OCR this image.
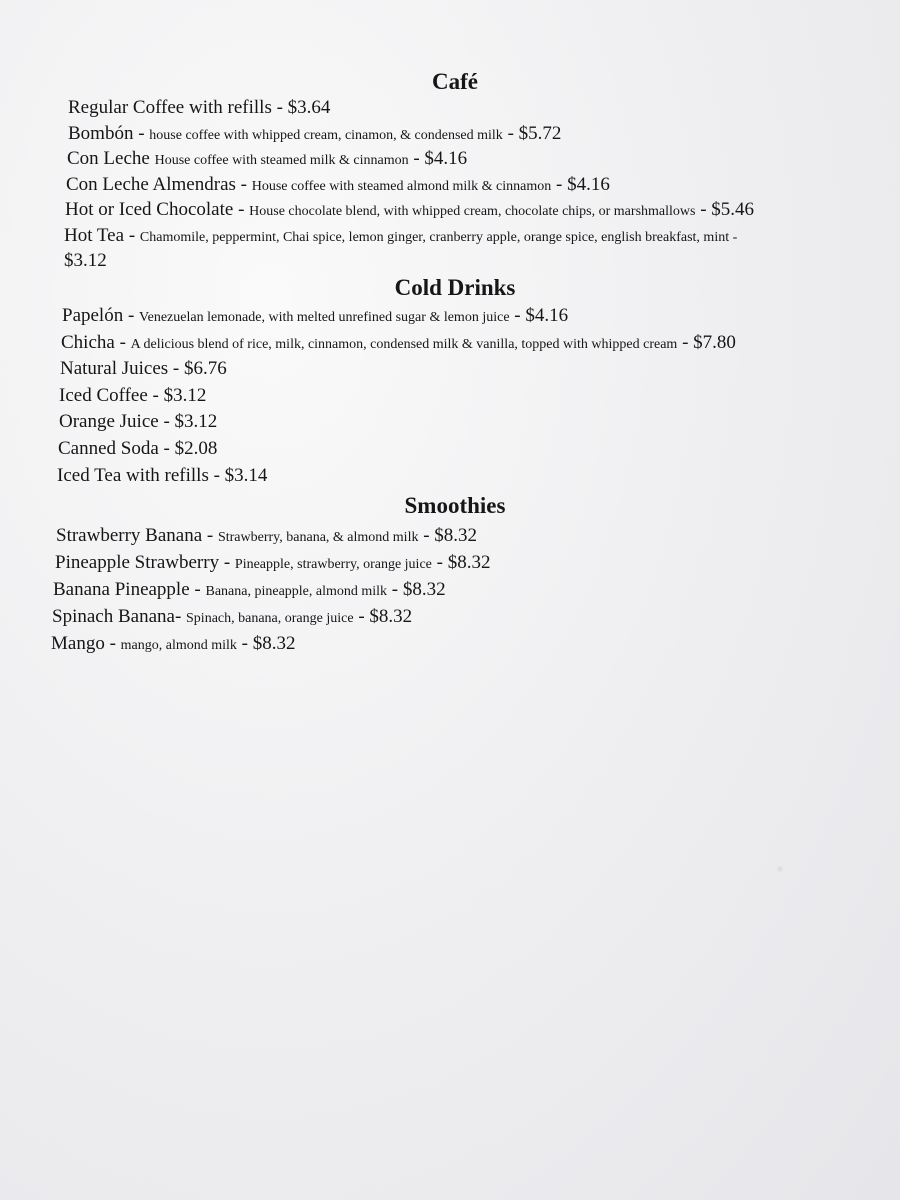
Café
Regular Coffee with refills - $3.64
Bombón - house coffee with whipped cream, cinamon, & condensed milk - $5.72
Con Leche House coffee with steamed milk & cinnamon - $4.16
Con Leche Almendras - House coffee with steamed almond milk & cinnamon - $4.16
Hot or Iced Chocolate - House chocolate blend, with whipped cream, chocolate chips, or marshmallows - $5.46
Hot Tea - Chamomile, peppermint, Chai spice, lemon ginger, cranberry apple, orange spice, english breakfast, mint -
$3.12
Cold Drinks
Papelón - Venezuelan lemonade, with melted unrefined sugar & lemon juice - $4.16
Chicha - A delicious blend of rice, milk, cinnamon, condensed milk & vanilla, topped with whipped cream - $7.80
Natural Juices - $6.76
Iced Coffee - $3.12
Orange Juice - $3.12
Canned Soda - $2.08
Iced Tea with refills - $3.14
Smoothies
Strawberry Banana - Strawberry, banana, & almond milk - $8.32
Pineapple Strawberry - Pineapple, strawberry, orange juice - $8.32
Banana Pineapple - Banana, pineapple, almond milk - $8.32
Spinach Banana- Spinach, banana, orange juice - $8.32
Mango - mango, almond milk - $8.32
